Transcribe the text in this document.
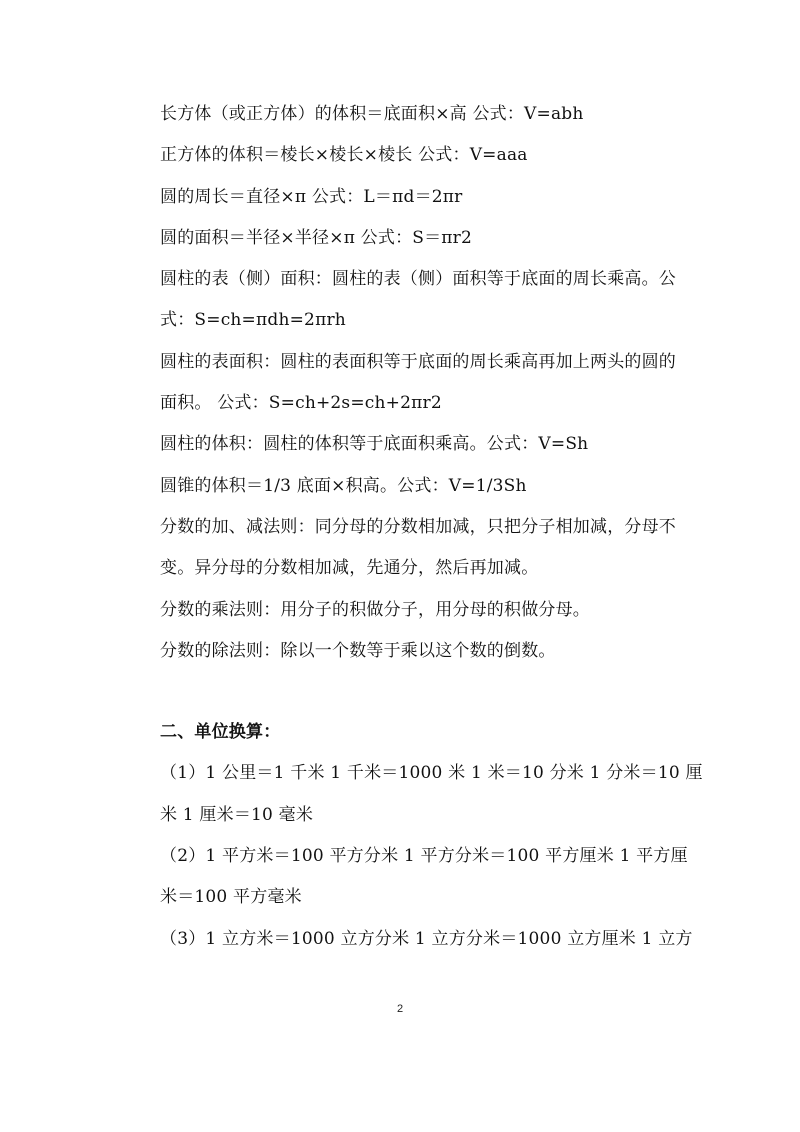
长方体（或正方体）的体积＝底面积×高 公式：V=abh
正方体的体积＝棱长×棱长×棱长 公式：V=aaa
圆的周长＝直径×π 公式：L＝πd＝2πr
圆的面积＝半径×半径×π 公式：S＝πr2
圆柱的表（侧）面积：圆柱的表（侧）面积等于底面的周长乘高。公
式：S=ch=πdh=2πrh
圆柱的表面积：圆柱的表面积等于底面的周长乘高再加上两头的圆的
面积。 公式：S=ch+2s=ch+2πr2
圆柱的体积：圆柱的体积等于底面积乘高。公式：V=Sh
圆锥的体积＝1/3 底面×积高。公式：V=1/3Sh
分数的加、减法则：同分母的分数相加减，只把分子相加减，分母不
变。异分母的分数相加减，先通分，然后再加减。
分数的乘法则：用分子的积做分子，用分母的积做分母。
分数的除法则：除以一个数等于乘以这个数的倒数。
二、单位换算：
（1）1 公里＝1 千米 1 千米＝1000 米 1 米＝10 分米 1 分米＝10 厘
米 1 厘米＝10 毫米
（2）1 平方米＝100 平方分米 1 平方分米＝100 平方厘米 1 平方厘
米＝100 平方毫米
（3）1 立方米＝1000 立方分米 1 立方分米＝1000 立方厘米 1 立方
2
